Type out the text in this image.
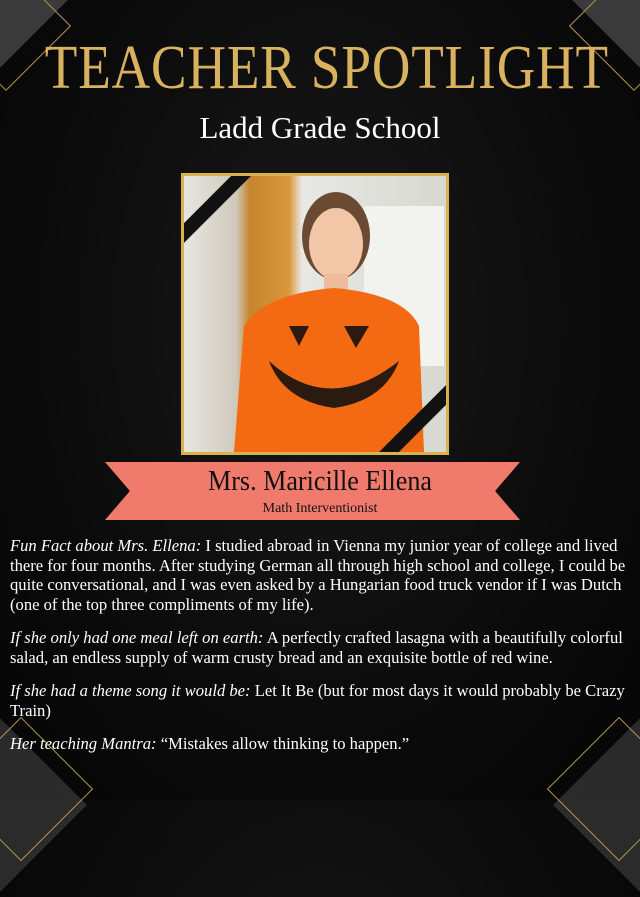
TEACHER SPOTLIGHT
Ladd Grade School
Mrs. Maricille Ellena
Math Interventionist

Fun Fact about Mrs. Ellena: I studied abroad in Vienna my junior year of college and lived there for four months. After studying German all through high school and college, I could be quite conversational, and I was even asked by a Hungarian food truck vendor if I was Dutch (one of the top three compliments of my life).

If she only had one meal left on earth: A perfectly crafted lasagna with a beautifully colorful salad, an endless supply of warm crusty bread and an exquisite bottle of red wine.

If she had a theme song it would be: Let It Be (but for most days it would probably be Crazy Train)

Her teaching Mantra: “Mistakes allow thinking to happen.”
